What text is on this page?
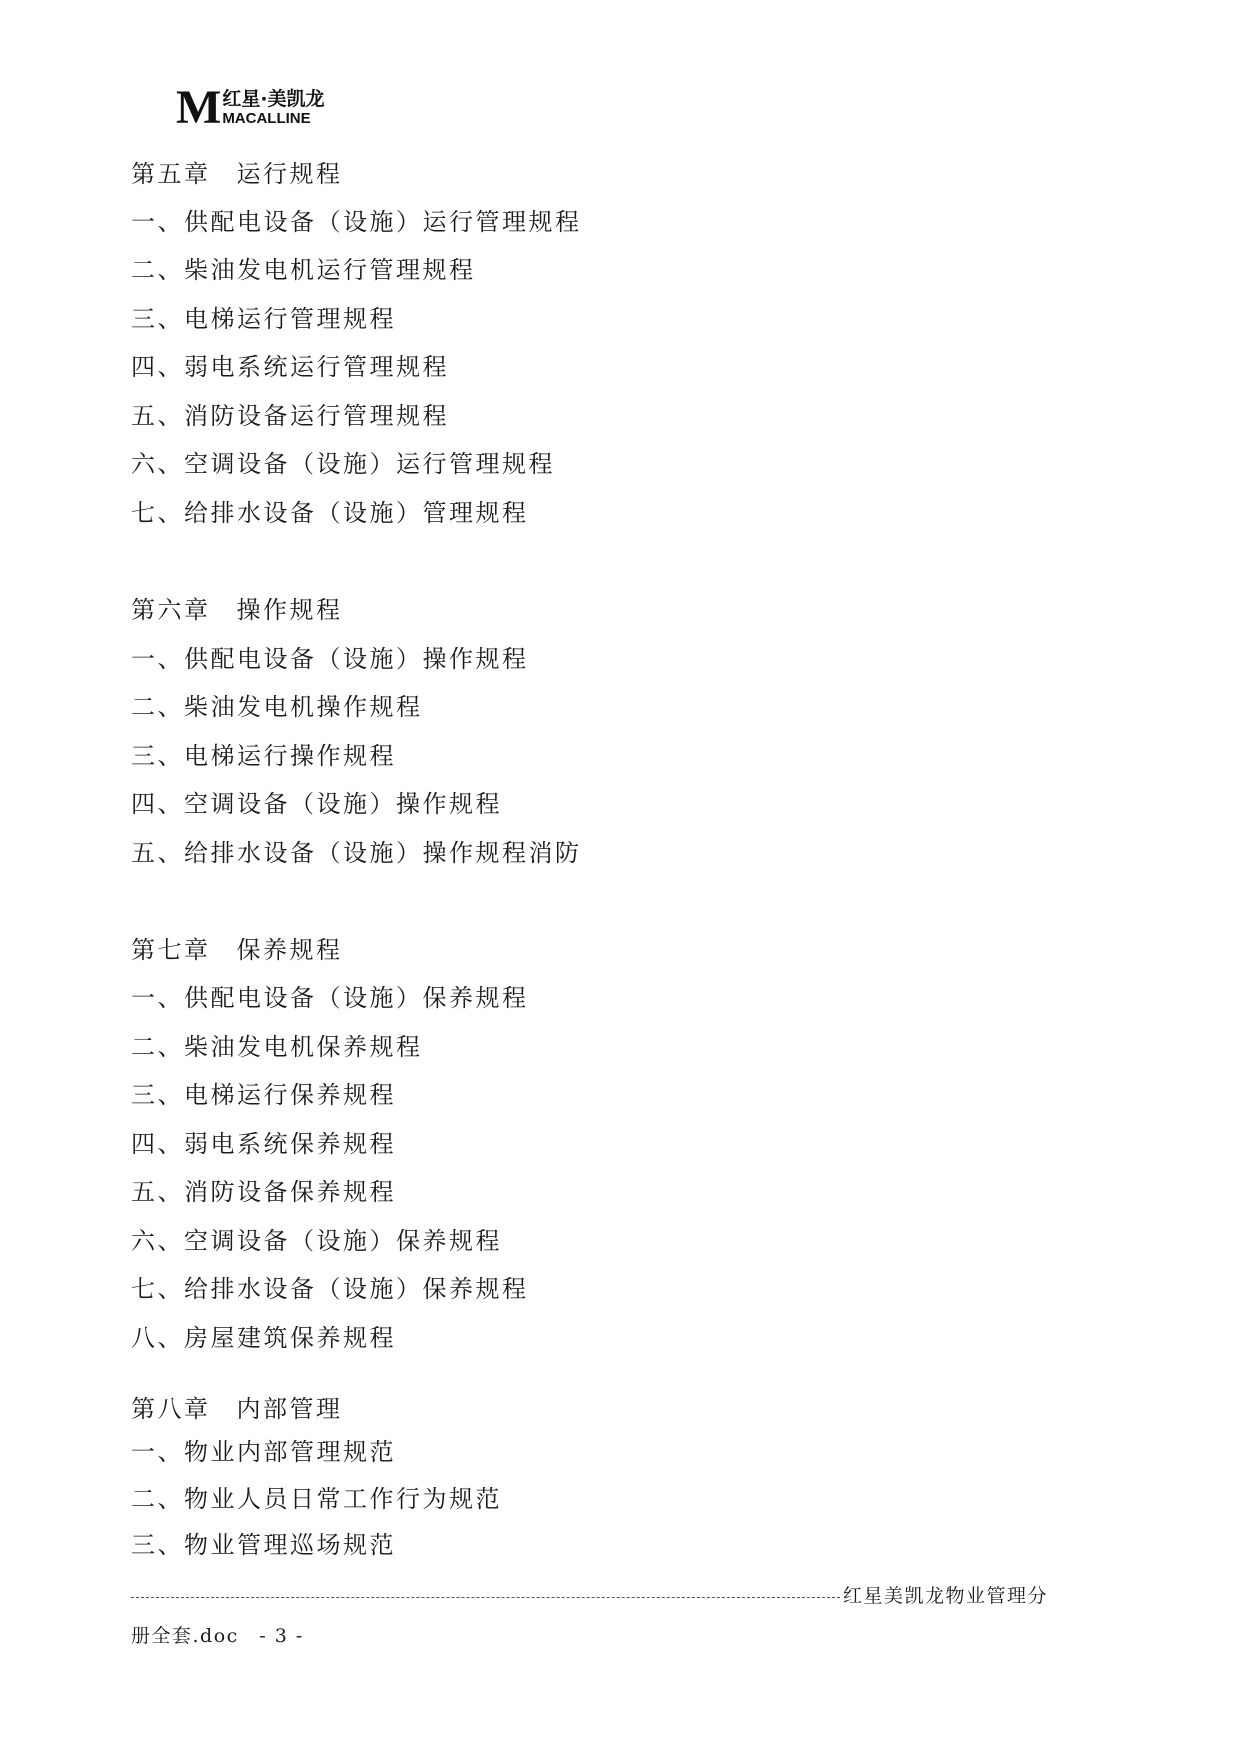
M 红星·美凯龙
MACALLINE
第五章 运行规程
一、供配电设备（设施）运行管理规程
二、柴油发电机运行管理规程
三、电梯运行管理规程
四、弱电系统运行管理规程
五、消防设备运行管理规程
六、空调设备（设施）运行管理规程
七、给排水设备（设施）管理规程
第六章 操作规程
一、供配电设备（设施）操作规程
二、柴油发电机操作规程
三、电梯运行操作规程
四、空调设备（设施）操作规程
五、给排水设备（设施）操作规程消防
第七章 保养规程
一、供配电设备（设施）保养规程
二、柴油发电机保养规程
三、电梯运行保养规程
四、弱电系统保养规程
五、消防设备保养规程
六、空调设备（设施）保养规程
七、给排水设备（设施）保养规程
八、房屋建筑保养规程
第八章 内部管理
一、物业内部管理规范
二、物业人员日常工作行为规范
三、物业管理巡场规范
红星美凯龙物业管理分
册全套.doc　- 3 -
